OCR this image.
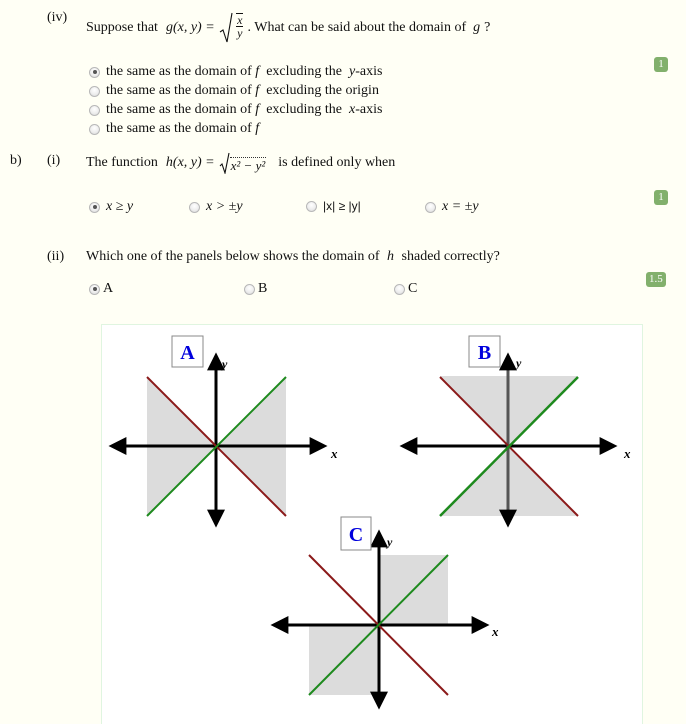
(iv)
Suppose that g(x, y) =
$\frac{x}{y}$ . What can be said about the domain of g ?
the same as the domain of f excluding the y-axis
the same as the domain of f excluding the origin
the same as the domain of f excluding the x-axis
the same as the domain of f
1
b) (i) The function h(x, y) = x² − y² is defined only when
x ≥ y	x > ±y	|x| ≥ |y|	x = ±y
1
(ii) Which one of the panels below shows the domain of h shaded correctly?
A	B	C
1.5
A y
x
B y
x
C y
x
